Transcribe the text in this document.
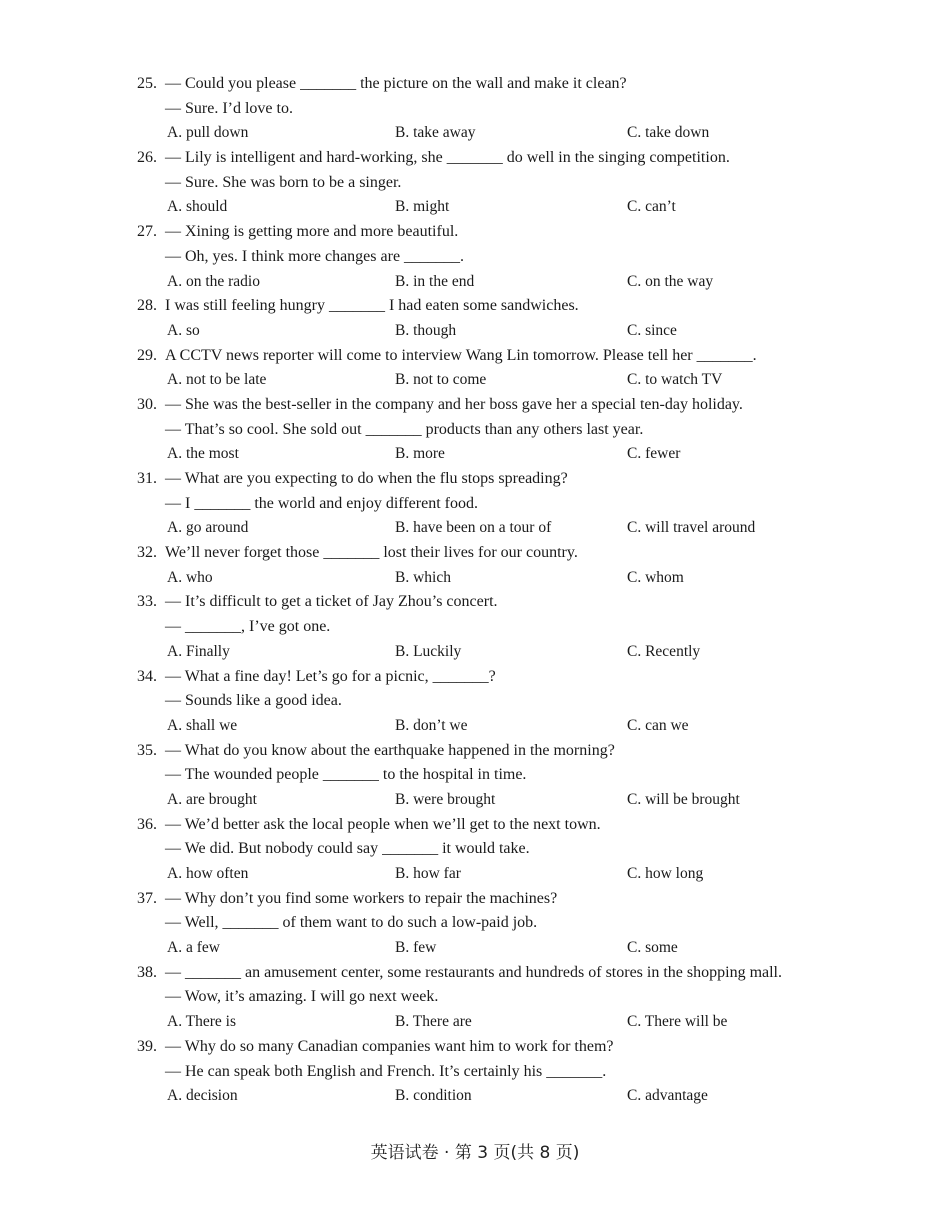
25. — Could you please _______ the picture on the wall and make it clean?
— Sure. I’d love to.
A. pull down	B. take away	C. take down
26. — Lily is intelligent and hard-working, she _______ do well in the singing competition.
— Sure. She was born to be a singer.
A. should	B. might	C. can’t
27. — Xining is getting more and more beautiful.
— Oh, yes. I think more changes are _______.
A. on the radio	B. in the end	C. on the way
28. I was still feeling hungry _______ I had eaten some sandwiches.
A. so	B. though	C. since
29. A CCTV news reporter will come to interview Wang Lin tomorrow. Please tell her _______.
A. not to be late	B. not to come	C. to watch TV
30. — She was the best-seller in the company and her boss gave her a special ten-day holiday.
— That’s so cool. She sold out _______ products than any others last year.
A. the most	B. more	C. fewer
31. — What are you expecting to do when the flu stops spreading?
— I _______ the world and enjoy different food.
A. go around	B. have been on a tour of	C. will travel around
32. We’ll never forget those _______ lost their lives for our country.
A. who	B. which	C. whom
33. — It’s difficult to get a ticket of Jay Zhou’s concert.
— _______, I’ve got one.
A. Finally	B. Luckily	C. Recently
34. — What a fine day! Let’s go for a picnic, _______?
— Sounds like a good idea.
A. shall we	B. don’t we	C. can we
35. — What do you know about the earthquake happened in the morning?
— The wounded people _______ to the hospital in time.
A. are brought	B. were brought	C. will be brought
36. — We’d better ask the local people when we’ll get to the next town.
— We did. But nobody could say _______ it would take.
A. how often	B. how far	C. how long
37. — Why don’t you find some workers to repair the machines?
— Well, _______ of them want to do such a low-paid job.
A. a few	B. few	C. some
38. — _______ an amusement center, some restaurants and hundreds of stores in the shopping mall.
— Wow, it’s amazing. I will go next week.
A. There is	B. There are	C. There will be
39. — Why do so many Canadian companies want him to work for them?
— He can speak both English and French. It’s certainly his _______.
A. decision	B. condition	C. advantage
英语试卷 · 第 3 页(共 8 页)
